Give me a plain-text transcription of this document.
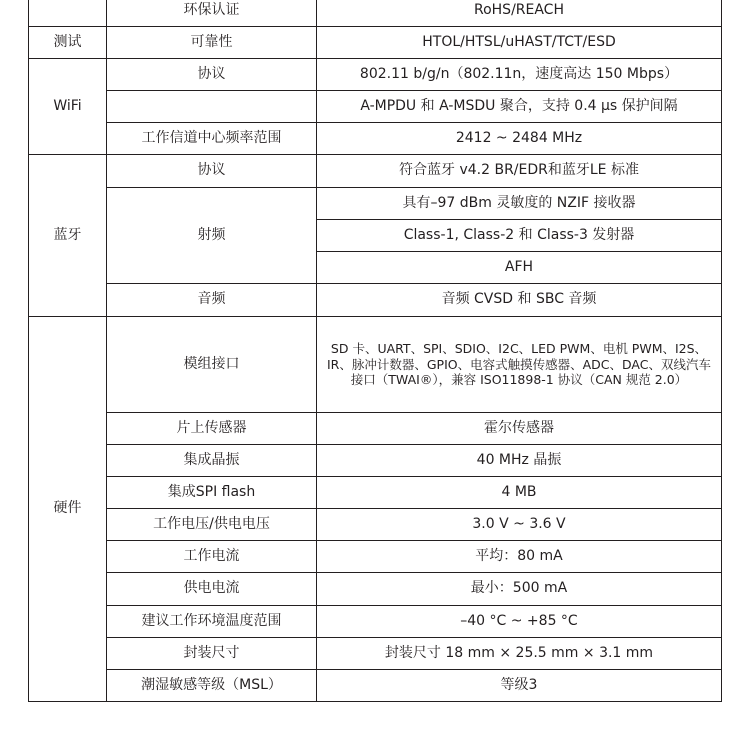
	环保认证	RoHS/REACH
测试	可靠性	HTOL/HTSL/uHAST/TCT/ESD
WiFi	协议	802.11 b/g/n（802.11n，速度高达 150 Mbps）
		A-MPDU 和 A-MSDU 聚合，支持 0.4 μs 保护间隔
	工作信道中心频率范围	2412 ~ 2484 MHz
蓝牙	协议	符合蓝牙 v4.2 BR/EDR和蓝牙LE 标准
	射频	具有–97 dBm 灵敏度的 NZIF 接收器
		Class-1, Class-2 和 Class-3 发射器
		AFH
	音频	音频 CVSD 和 SBC 音频
硬件	模组接口	SD 卡、UART、SPI、SDIO、I2C、LED PWM、电机 PWM、I2S、IR、脉冲计数器、GPIO、电容式触摸传感器、ADC、DAC、双线汽车接口（TWAI®），兼容 ISO11898-1 协议（CAN 规范 2.0）
	片上传感器	霍尔传感器
	集成晶振	40 MHz 晶振
	集成SPI flash	4 MB
	工作电压/供电电压	3.0 V ~ 3.6 V
	工作电流	平均：80 mA
	供电电流	最小：500 mA
	建议工作环境温度范围	–40 °C ~ +85 °C
	封装尺寸	封装尺寸 18 mm × 25.5 mm × 3.1 mm
	潮湿敏感等级（MSL）	等级3
